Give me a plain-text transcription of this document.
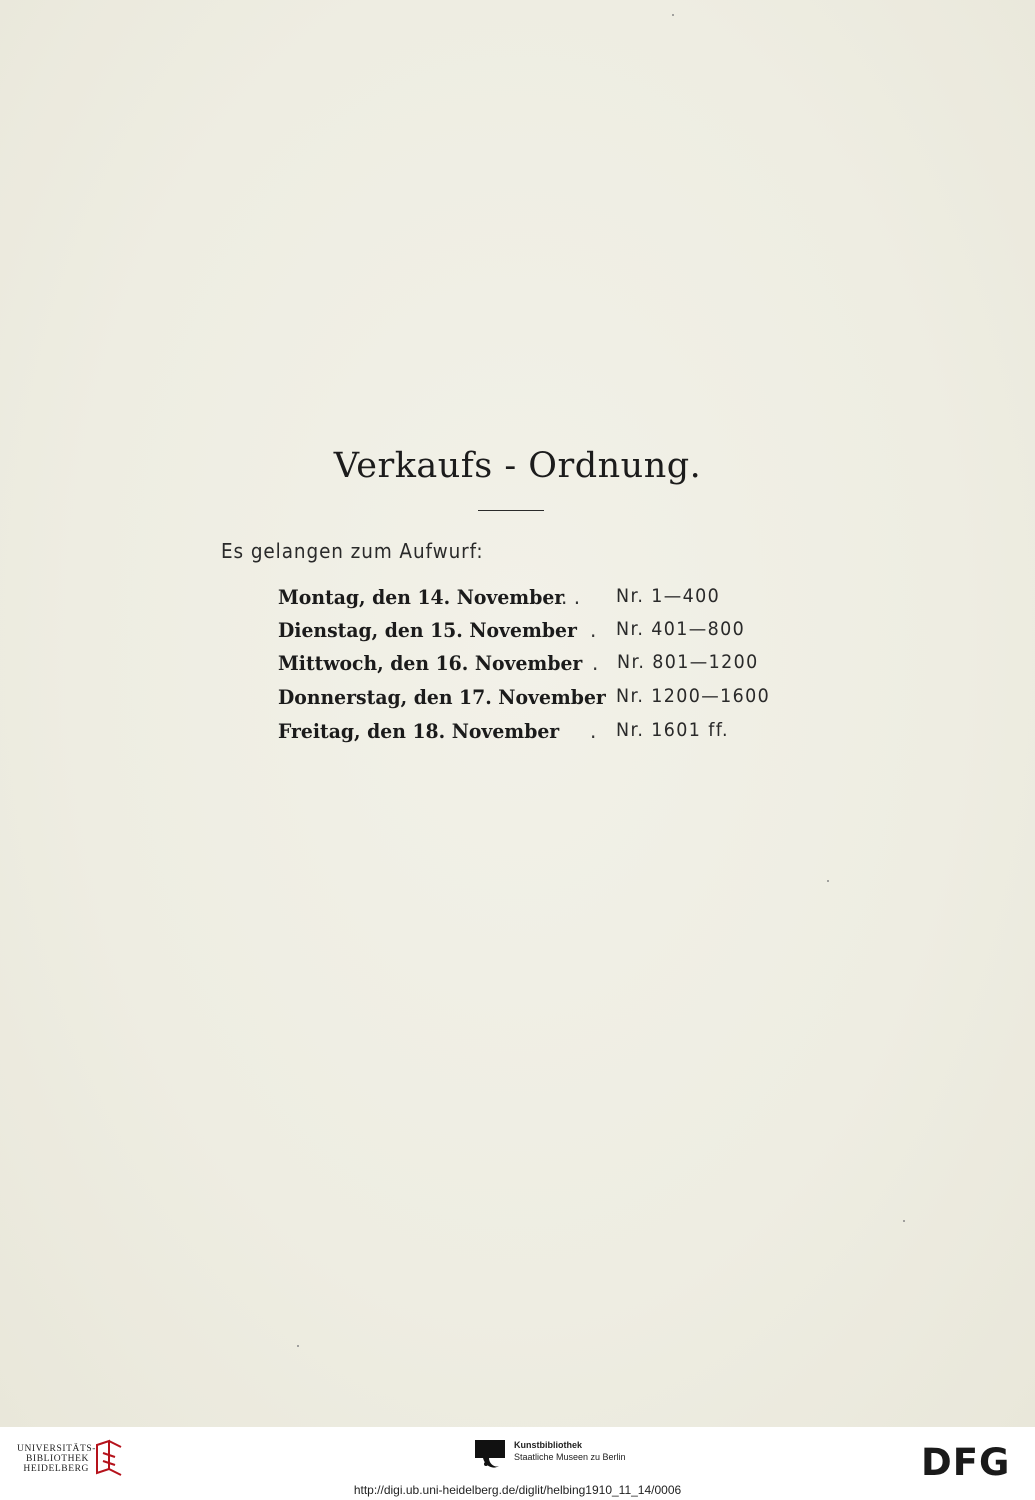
Verkaufs - Ordnung.
Es gelangen zum Aufwurf:
Montag, den 14. November
. . Nr. 1—400
Dienstag, den 15. November . Nr. 401—800
Mittwoch, den 16. November . Nr. 801—1200
Donnerstag, den 17. November Nr. 1200—1600
Freitag, den 18. November . Nr. 1601 ff.
UNIVERSITÄTS-
BIBLIOTHEK
HEIDELBERG
Kunstbibliothek
Staatliche Museen zu Berlin	DFG
http://digi.ub.uni-heidelberg.de/diglit/helbing1910_11_14/0006
